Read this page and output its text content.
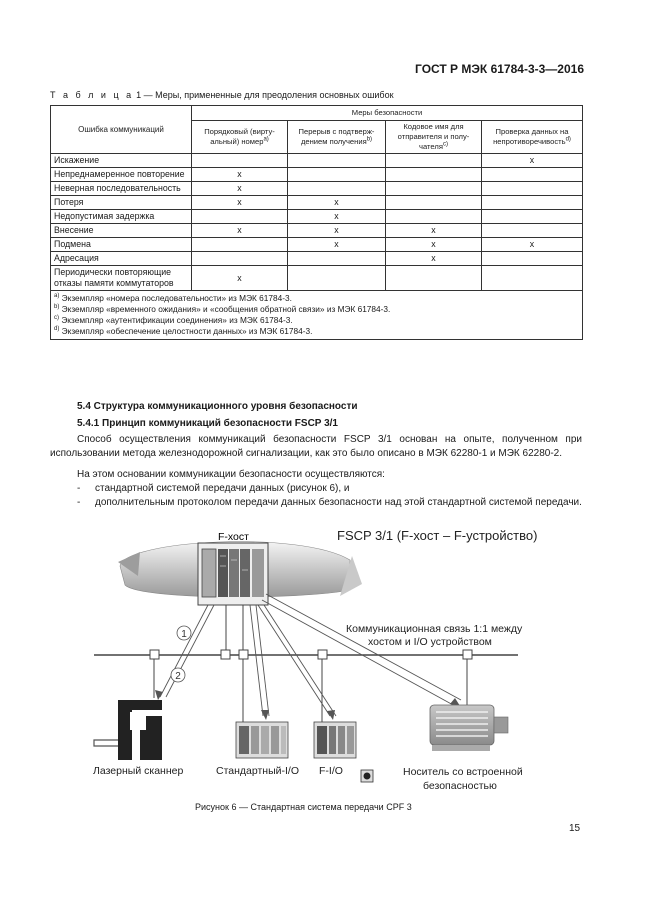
ГОСТ Р МЭК 61784-3-3—2016
Т а б л и ц а 1 — Меры, примененные для преодоления основных ошибок
Ошибка коммуникаций	Меры безопасности			
	Порядковый (вирту-альный) номер$^{a)}$	Перерыв с подтверж-дением получения$^{b)}$	Кодовое имя для отправителя и полу-чателя$^{c)}$	Проверка данных на непротиворечивость$^{d)}$
Искажение				x
Непреднамеренное повторение	x			
Неверная последовательность	x			
Потеря	x	x		
Недопустимая задержка		x		
Внесение	x	x	x	
Подмена		x	x	x
Адресация			x	
Периодически повторяющие отказы памяти коммутаторов	x			

$^{a)}$ Экземпляр «номера последовательности» из МЭК 61784-3.

$^{b)}$ Экземпляр «временного ожидания» и «сообщения обратной связи» из МЭК 61784-3.

$^{c)}$ Экземпляр «аутентификации соединения» из МЭК 61784-3.

$^{d)}$ Экземпляр «обеспечение целостности данных» из МЭК 61784-3.				

5.4 Структура коммуникационного уровня безопасности
5.4.1 Принцип коммуникаций безопасности FSCP 3/1

Способ осуществления коммуникаций безопасности FSCP 3/1 основан на опыте, полученном при использовании метода железнодорожной сигнализации, как это было описано в МЭК 62280-1 и МЭК 62280-2.

На этом основании коммуникации безопасности осуществляются:
- стандартной системой передачи данных (рисунок 6), и
- дополнительным протоколом передачи данных безопасности над этой стандартной системой передачи.
1
2
F-хост	FSCP 3/1 (F-хост – F-устройство)
Коммуникационная связь 1:1 между
хостом и I/O устройством
Лазерный сканнер	Стандартный-I/O F-I/O	Носитель со встроенной
безопасностью
Рисунок 6 — Стандартная система передачи CPF 3
15
